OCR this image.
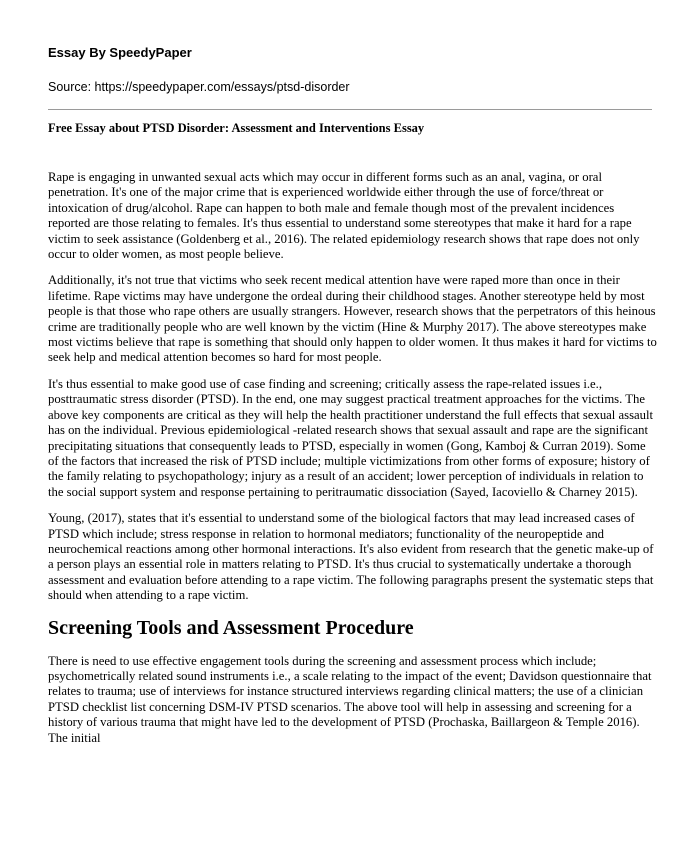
Essay By SpeedyPaper
Source: https://speedypaper.com/essays/ptsd-disorder
Free Essay about PTSD Disorder: Assessment and Interventions Essay

Rape is engaging in unwanted sexual acts which may occur in different forms such as an anal, vagina, or oral penetration. It's one of the major crime that is experienced worldwide either through the use of force/threat or intoxication of drug/alcohol. Rape can happen to both male and female though most of the prevalent incidences reported are those relating to females. It's thus essential to understand some stereotypes that make it hard for a rape victim to seek assistance (Goldenberg et al., 2016). The related epidemiology research shows that rape does not only occur to older women, as most people believe.

Additionally, it's not true that victims who seek recent medical attention have were raped more than once in their lifetime. Rape victims may have undergone the ordeal during their childhood stages. Another stereotype held by most people is that those who rape others are usually strangers. However, research shows that the perpetrators of this heinous crime are traditionally people who are well known by the victim (Hine & Murphy 2017). The above stereotypes make most victims believe that rape is something that should only happen to older women. It thus makes it hard for victims to seek help and medical attention becomes so hard for most people.

It's thus essential to make good use of case finding and screening; critically assess the rape-related issues i.e., posttraumatic stress disorder (PTSD). In the end, one may suggest practical treatment approaches for the victims. The above key components are critical as they will help the health practitioner understand the full effects that sexual assault has on the individual. Previous epidemiological -related research shows that sexual assault and rape are the significant precipitating situations that consequently leads to PTSD, especially in women (Gong, Kamboj & Curran 2019). Some of the factors that increased the risk of PTSD include; multiple victimizations from other forms of exposure; history of the family relating to psychopathology; injury as a result of an accident; lower perception of individuals in relation to the social support system and response pertaining to peritraumatic dissociation (Sayed, Iacoviello & Charney 2015).

Young, (2017), states that it's essential to understand some of the biological factors that may lead increased cases of PTSD which include; stress response in relation to hormonal mediators; functionality of the neuropeptide and neurochemical reactions among other hormonal interactions. It's also evident from research that the genetic make-up of a person plays an essential role in matters relating to PTSD. It's thus crucial to systematically undertake a thorough assessment and evaluation before attending to a rape victim. The following paragraphs present the systematic steps that should when attending to a rape victim.

Screening Tools and Assessment Procedure

There is need to use effective engagement tools during the screening and assessment process which include; psychometrically related sound instruments i.e., a scale relating to the impact of the event; Davidson questionnaire that relates to trauma; use of interviews for instance structured interviews regarding clinical matters; the use of a clinician PTSD checklist list concerning DSM-IV PTSD scenarios. The above tool will help in assessing and screening for a history of various trauma that might have led to the development of PTSD (Prochaska, Baillargeon & Temple 2016). The initial
